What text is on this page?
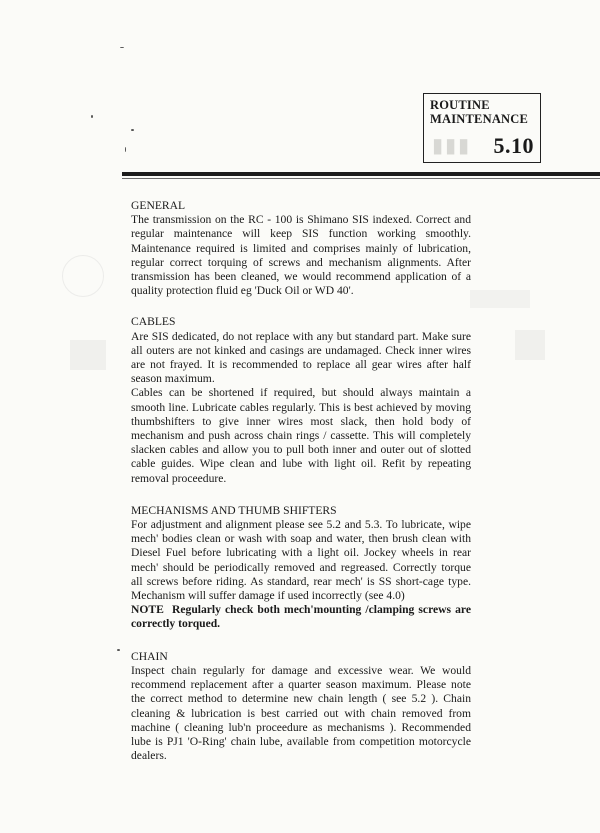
ROUTINE
MAINTENANCE
▮▮▮ 5.10

GENERAL

The transmission on the RC - 100 is Shimano SIS indexed. Correct and regular maintenance will keep SIS function working smoothly. Maintenance required is limited and comprises mainly of lubrication, regular correct torquing of screws and mechanism alignments. After transmission has been cleaned, we would recommend application of a quality protection fluid eg 'Duck Oil or WD 40'.

CABLES

Are SIS dedicated, do not replace with any but standard part. Make sure all outers are not kinked and casings are undamaged. Check inner wires are not frayed. It is recommended to replace all gear wires after half season maximum.

Cables can be shortened if required, but should always maintain a smooth line. Lubricate cables regularly. This is best achieved by moving thumbshifters to give inner wires most slack, then hold body of mechanism and push across chain rings / cassette. This will completely slacken cables and allow you to pull both inner and outer out of slotted cable guides. Wipe clean and lube with light oil. Refit by repeating removal proceedure.

MECHANISMS AND THUMB SHIFTERS

For adjustment and alignment please see 5.2 and 5.3. To lubricate, wipe mech' bodies clean or wash with soap and water, then brush clean with Diesel Fuel before lubricating with a light oil. Jockey wheels in rear mech' should be periodically removed and regreased. Correctly torque all screws before riding. As standard, rear mech' is SS short-cage type. Mechanism will suffer damage if used incorrectly (see 4.0)

NOTE Regularly check both mech'mounting /clamping screws are correctly torqued.

CHAIN

Inspect chain regularly for damage and excessive wear. We would recommend replacement after a quarter season maximum. Please note the correct method to determine new chain length ( see 5.2 ). Chain cleaning & lubrication is best carried out with chain removed from machine ( cleaning lub'n proceedure as mechanisms ). Recommended lube is PJ1 'O-Ring' chain lube, available from competition motorcycle dealers.
